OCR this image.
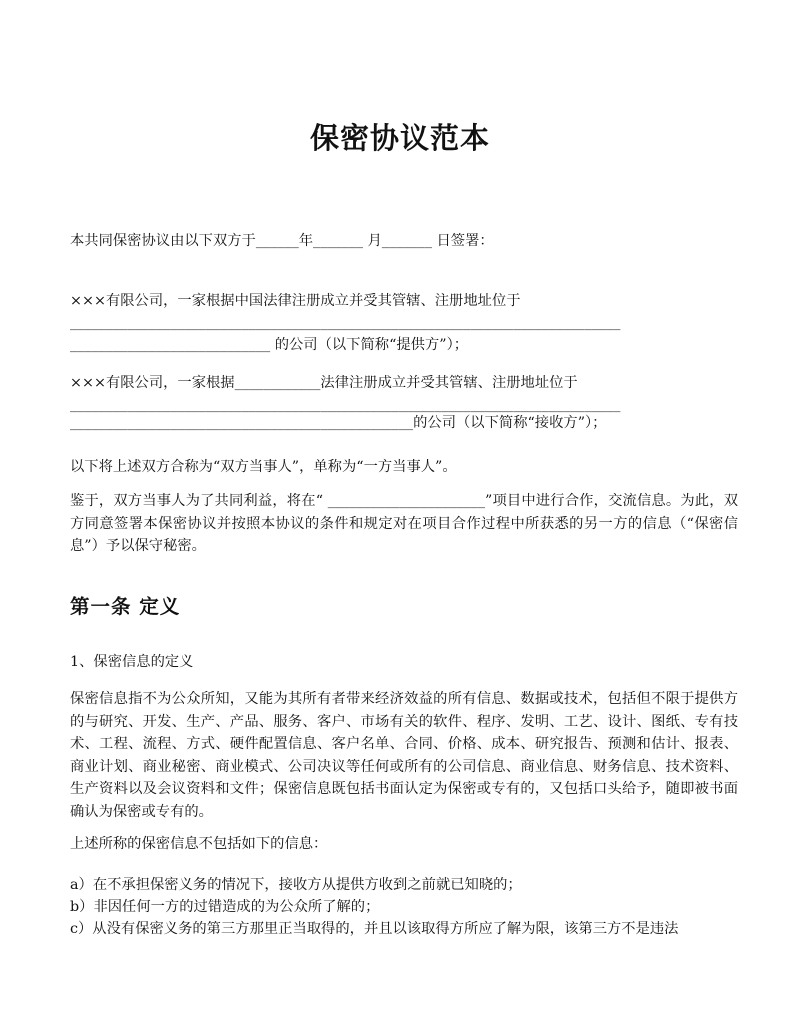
保密协议范本

本共同保密协议由以下双方于______年_______ 月_______ 日签署：

×××有限公司，一家根据中国法律注册成立并受其管辖、注册地址位于

_____________________________________________________________________________

____________________________ 的公司（以下简称“提供方”）；

×××有限公司，一家根据____________法律注册成立并受其管辖、注册地址位于

_____________________________________________________________________________

________________________________________________的公司（以下简称“接收方”）；

以下将上述双方合称为“双方当事人”，单称为“一方当事人”。

鉴于，双方当事人为了共同利益，将在“ ______________________”项目中进行合作，交流信息。为此，双方同意签署本保密协议并按照本协议的条件和规定对在项目合作过程中所获悉的另一方的信息（“保密信息”）予以保守秘密。

第一条 定义

1、保密信息的定义

保密信息指不为公众所知，又能为其所有者带来经济效益的所有信息、数据或技术，包括但不限于提供方的与研究、开发、生产、产品、服务、客户、市场有关的软件、程序、发明、工艺、设计、图纸、专有技术、工程、流程、方式、硬件配置信息、客户名单、合同、价格、成本、研究报告、预测和估计、报表、商业计划、商业秘密、商业模式、公司决议等任何或所有的公司信息、商业信息、财务信息、技术资料、生产资料以及会议资料和文件；保密信息既包括书面认定为保密或专有的，又包括口头给予，随即被书面确认为保密或专有的。

上述所称的保密信息不包括如下的信息：

a）在不承担保密义务的情况下，接收方从提供方收到之前就已知晓的；
b）非因任何一方的过错造成的为公众所了解的；
c）从没有保密义务的第三方那里正当取得的，并且以该取得方所应了解为限，该第三方不是违法
